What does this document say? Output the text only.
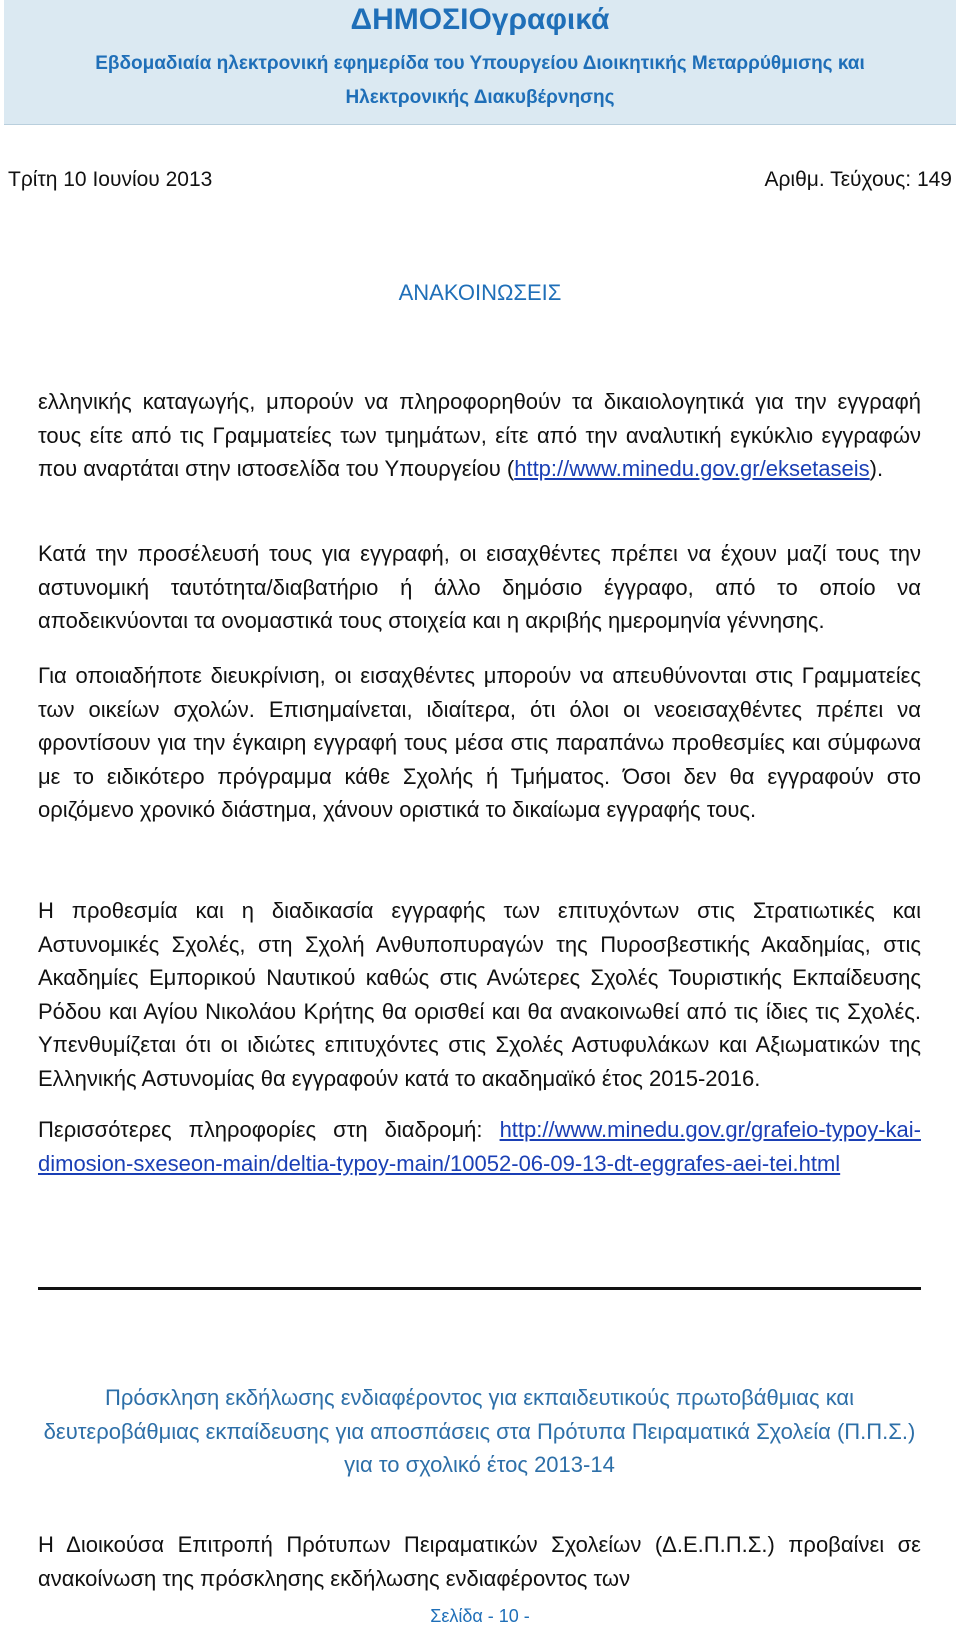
ΔΗΜΟΣΙΟγραφικά
Εβδομαδιαία ηλεκτρονική εφημερίδα του Υπουργείου Διοικητικής Μεταρρύθμισης και Ηλεκτρονικής Διακυβέρνησης
Τρίτη 10 Ιουνίου 2013	Αριθμ. Τεύχους: 149
ΑΝΑΚΟΙΝΩΣΕΙΣ

ελληνικής καταγωγής, μπορούν να πληροφορηθούν τα δικαιολογητικά για την εγγραφή τους είτε από τις Γραμματείες των τμημάτων, είτε από την αναλυτική εγκύκλιο εγγραφών που αναρτάται στην ιστοσελίδα του Υπουργείου (http://www.minedu.gov.gr/eksetaseis).

Κατά την προσέλευσή τους για εγγραφή, οι εισαχθέντες πρέπει να έχουν μαζί τους την αστυνομική ταυτότητα/διαβατήριο ή άλλο δημόσιο έγγραφο, από το οποίο να αποδεικνύονται τα ονομαστικά τους στοιχεία και η ακριβής ημερομηνία γέννησης.

Για οποιαδήποτε διευκρίνιση, οι εισαχθέντες μπορούν να απευθύνονται στις Γραμματείες των οικείων σχολών. Επισημαίνεται, ιδιαίτερα, ότι όλοι οι νεοεισαχθέντες πρέπει να φροντίσουν για την έγκαιρη εγγραφή τους μέσα στις παραπάνω προθεσμίες και σύμφωνα με το ειδικότερο πρόγραμμα κάθε Σχολής ή Τμήματος. Όσοι δεν θα εγγραφούν στο οριζόμενο χρονικό διάστημα, χάνουν οριστικά το δικαίωμα εγγραφής τους.

Η προθεσμία και η διαδικασία εγγραφής των επιτυχόντων στις Στρατιωτικές και Αστυνομικές Σχολές, στη Σχολή Ανθυποπυραγών της Πυροσβεστικής Ακαδημίας, στις Ακαδημίες Εμπορικού Ναυτικού καθώς στις Ανώτερες Σχολές Τουριστικής Εκπαίδευσης Ρόδου και Αγίου Νικολάου Κρήτης θα ορισθεί και θα ανακοινωθεί από τις ίδιες τις Σχολές. Υπενθυμίζεται ότι οι ιδιώτες επιτυχόντες στις Σχολές Αστυφυλάκων και Αξιωματικών της Ελληνικής Αστυνομίας θα εγγραφούν κατά το ακαδημαϊκό έτος 2015-2016.

Περισσότερες πληροφορίες στη διαδρομή: http://www.minedu.gov.gr/grafeio-typoy-kai-dimosion-sxeseon-main/deltia-typoy-main/10052-06-09-13-dt-eggrafes-aei-tei.html

Πρόσκληση εκδήλωσης ενδιαφέροντος για εκπαιδευτικούς πρωτοβάθμιας και δευτεροβάθμιας εκπαίδευσης για αποσπάσεις στα Πρότυπα Πειραματικά Σχολεία (Π.Π.Σ.) για το σχολικό έτος 2013-14

Η Διοικούσα Επιτροπή Πρότυπων Πειραματικών Σχολείων (Δ.Ε.Π.Π.Σ.) προβαίνει σε ανακοίνωση της πρόσκλησης εκδήλωσης ενδιαφέροντος των

Σελίδα - 10 -
